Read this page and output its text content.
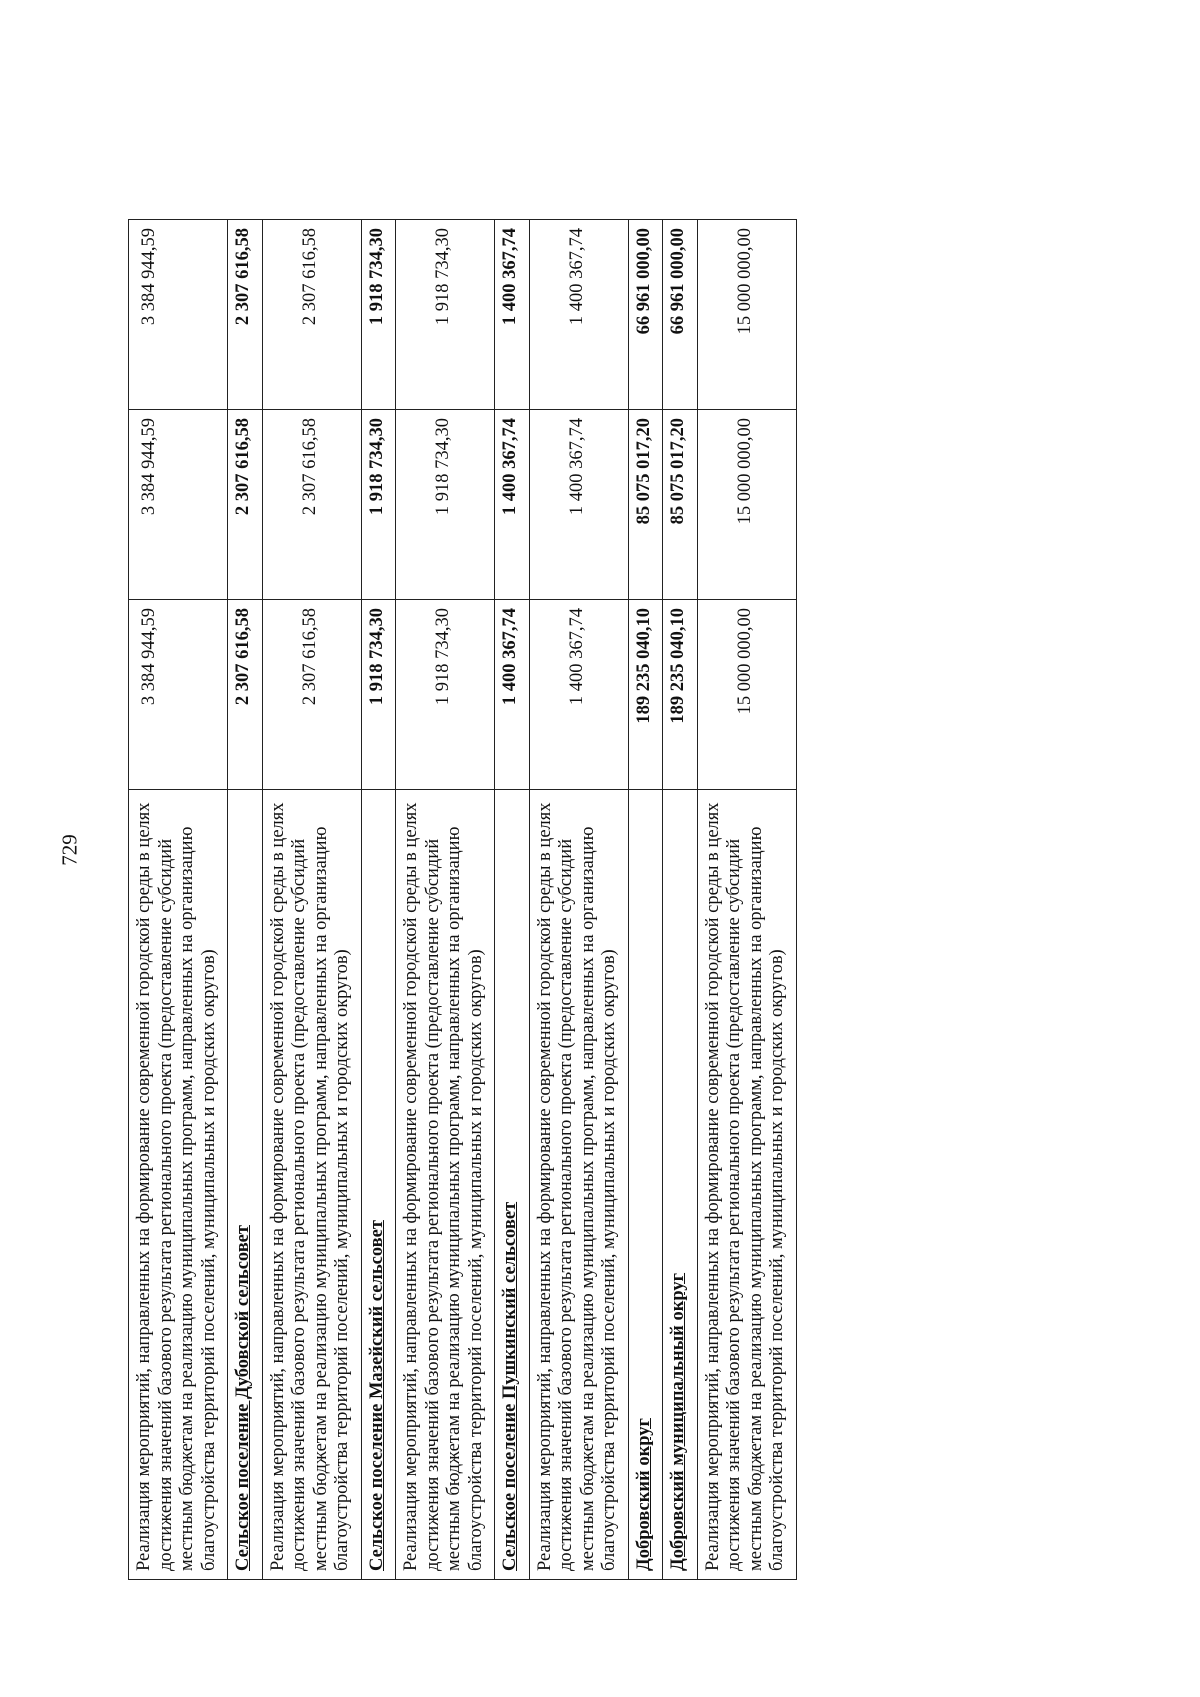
729	Реализация мероприятий, направленных на формирование современной городской среды в целях достижения значений базового результата регионального проекта (предоставление субсидий местным бюджетам на реализацию муниципальных программ, направленных на организацию благоустройства территорий поселений, муниципальных и городских округов)	3 384 944,59	3 384 944,59	3 384 944,59
Сельское поселение Дубовской сельсовет	2 307 616,58	2 307 616,58	2 307 616,58
Реализация мероприятий, направленных на формирование современной городской среды в целях достижения значений базового результата регионального проекта (предоставление субсидий местным бюджетам на реализацию муниципальных программ, направленных на организацию благоустройства территорий поселений, муниципальных и городских округов)	2 307 616,58	2 307 616,58	2 307 616,58
Сельское поселение Мазейский сельсовет	1 918 734,30	1 918 734,30	1 918 734,30
Реализация мероприятий, направленных на формирование современной городской среды в целях достижения значений базового результата регионального проекта (предоставление субсидий местным бюджетам на реализацию муниципальных программ, направленных на организацию благоустройства территорий поселений, муниципальных и городских округов)	1 918 734,30	1 918 734,30	1 918 734,30
Сельское поселение Пушкинский сельсовет	1 400 367,74	1 400 367,74	1 400 367,74
Реализация мероприятий, направленных на формирование современной городской среды в целях достижения значений базового результата регионального проекта (предоставление субсидий местным бюджетам на реализацию муниципальных программ, направленных на организацию благоустройства территорий поселений, муниципальных и городских округов)	1 400 367,74	1 400 367,74	1 400 367,74
Добровский округ	189 235 040,10	85 075 017,20	66 961 000,00
Добровский муниципальный округ	189 235 040,10	85 075 017,20	66 961 000,00
Реализация мероприятий, направленных на формирование современной городской среды в целях достижения значений базового результата регионального проекта (предоставление субсидий местным бюджетам на реализацию муниципальных программ, направленных на организацию благоустройства территорий поселений, муниципальных и городских округов)	15 000 000,00	15 000 000,00	15 000 000,00
